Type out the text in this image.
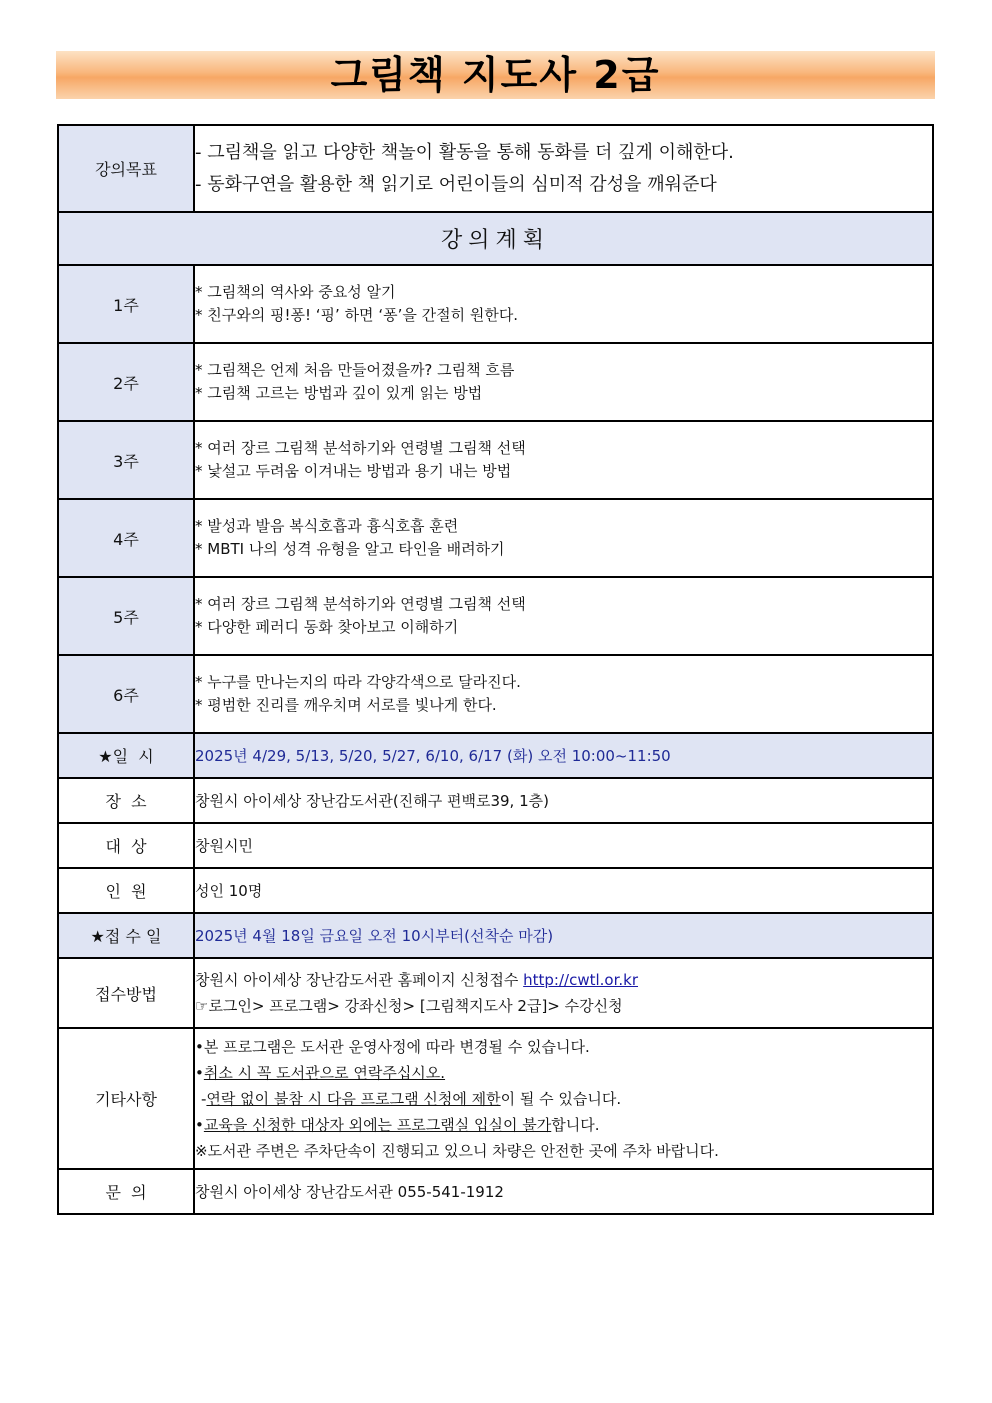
그림책 지도사 2급
강의목표	- 그림책을 읽고 다양한 책놀이 활동을 통해 동화를 더 깊게 이해한다.
- 동화구연을 활용한 책 읽기로 어린이들의 심미적 감성을 깨워준다

강의계획	
1주	* 그림책의 역사와 중요성 알기
* 친구와의 핑!퐁! ‘핑’ 하면 ‘퐁’을 간절히 원한다.

2주	* 그림책은 언제 처음 만들어졌을까? 그림책 흐름
* 그림책 고르는 방법과 깊이 있게 읽는 방법

3주	* 여러 장르 그림책 분석하기와 연령별 그림책 선택
* 낯설고 두려움 이겨내는 방법과 용기 내는 방법

4주	* 발성과 발음 복식호흡과 흉식호흡 훈련
* MBTI 나의 성격 유형을 알고 타인을 배려하기

5주	* 여러 장르 그림책 분석하기와 연령별 그림책 선택
* 다양한 페러디 동화 찾아보고 이해하기

6주	* 누구를 만나는지의 따라 각양각색으로 달라진다.
* 평범한 진리를 깨우치며 서로를 빛나게 한다.

★일  시	2025년 4/29, 5/13, 5/20, 5/27, 6/10, 6/17 (화) 오전 10:00~11:50
장  소	창원시 아이세상 장난감도서관(진해구 편백로39, 1층)
대  상	창원시민
인  원	성인 10명
★접 수 일	2025년 4월 18일 금요일 오전 10시부터(선착순 마감)
접수방법	창원시 아이세상 장난감도서관 홈페이지 신청접수 http://cwtl.or.kr
☞로그인> 프로그램> 강좌신청> [그림책지도사 2급]> 수강신청

기타사항	•본 프로그램은 도서관 운영사정에 따라 변경될 수 있습니다.
•취소 시 꼭 도서관으로 연락주십시오.
-연락 없이 불참 시 다음 프로그램 신청에 제한이 될 수 있습니다.
•교육을 신청한 대상자 외에는 프로그램실 입실이 불가합니다.
※도서관 주변은 주차단속이 진행되고 있으니 차량은 안전한 곳에 주차 바랍니다.

문  의	창원시 아이세상 장난감도서관 055-541-1912
